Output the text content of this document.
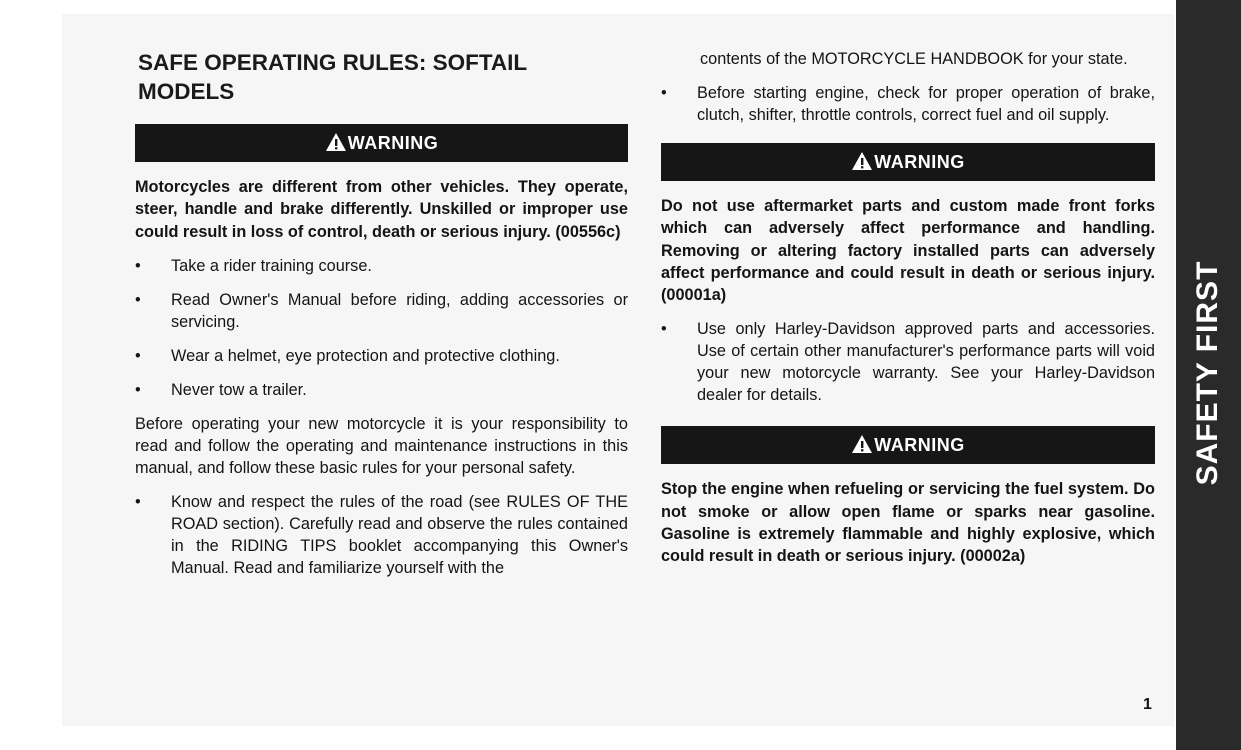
SAFETY FIRST
SAFE OPERATING RULES: SOFTAIL MODELS
WARNING
Motorcycles are different from other vehicles. They operate, steer, handle and brake differently. Unskilled or improper use could result in loss of control, death or serious injury. (00556c)
• Take a rider training course.
• Read Owner's Manual before riding, adding accessories or servicing.
• Wear a helmet, eye protection and protective clothing.
• Never tow a trailer.
Before operating your new motorcycle it is your responsibility to read and follow the operating and maintenance instructions in this manual, and follow these basic rules for your personal safety.
• Know and respect the rules of the road (see RULES OF THE ROAD section). Carefully read and observe the rules contained in the RIDING TIPS booklet accompanying this Owner's Manual. Read and familiarize yourself with the
contents of the MOTORCYCLE HANDBOOK for your state.
• Before starting engine, check for proper operation of brake, clutch, shifter, throttle controls, correct fuel and oil supply.
WARNING
Do not use aftermarket parts and custom made front forks which can adversely affect performance and handling. Removing or altering factory installed parts can adversely affect performance and could result in death or serious injury. (00001a)
• Use only Harley-Davidson approved parts and accessories. Use of certain other manufacturer's performance parts will void your new motorcycle warranty. See your Harley-Davidson dealer for details.
WARNING
Stop the engine when refueling or servicing the fuel system. Do not smoke or allow open flame or sparks near gasoline. Gasoline is extremely flammable and highly explosive, which could result in death or serious injury. (00002a)
1
